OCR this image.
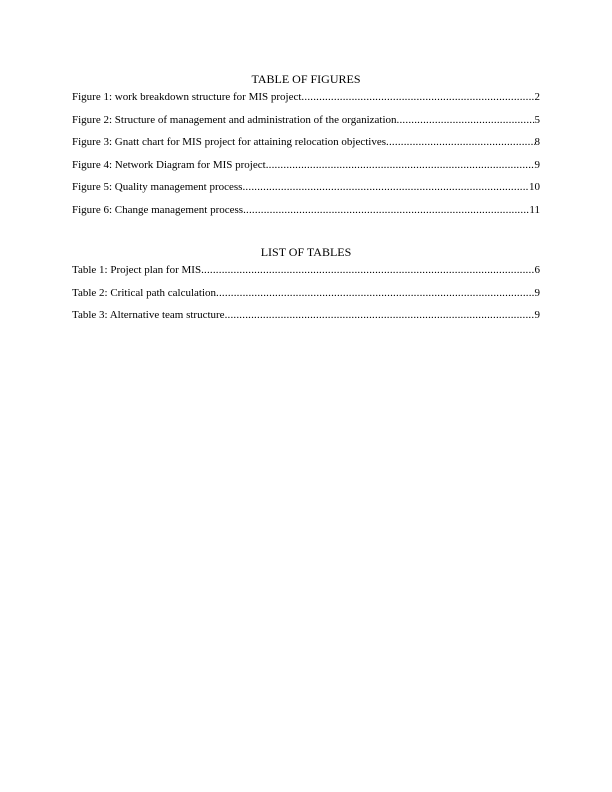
TABLE OF FIGURES
Figure 1: work breakdown structure for MIS project .....	2
Figure 2: Structure of management and administration of the organization .....	5
Figure 3: Gnatt chart for MIS project for attaining relocation objectives .....	8
Figure 4: Network Diagram for MIS project .....	9
Figure 5: Quality management process .....	10
Figure 6: Change management process .....	11
LIST OF TABLES
Table 1: Project plan for MIS .....	6
Table 2: Critical path calculation .....	9
Table 3: Alternative team structure .....	9
